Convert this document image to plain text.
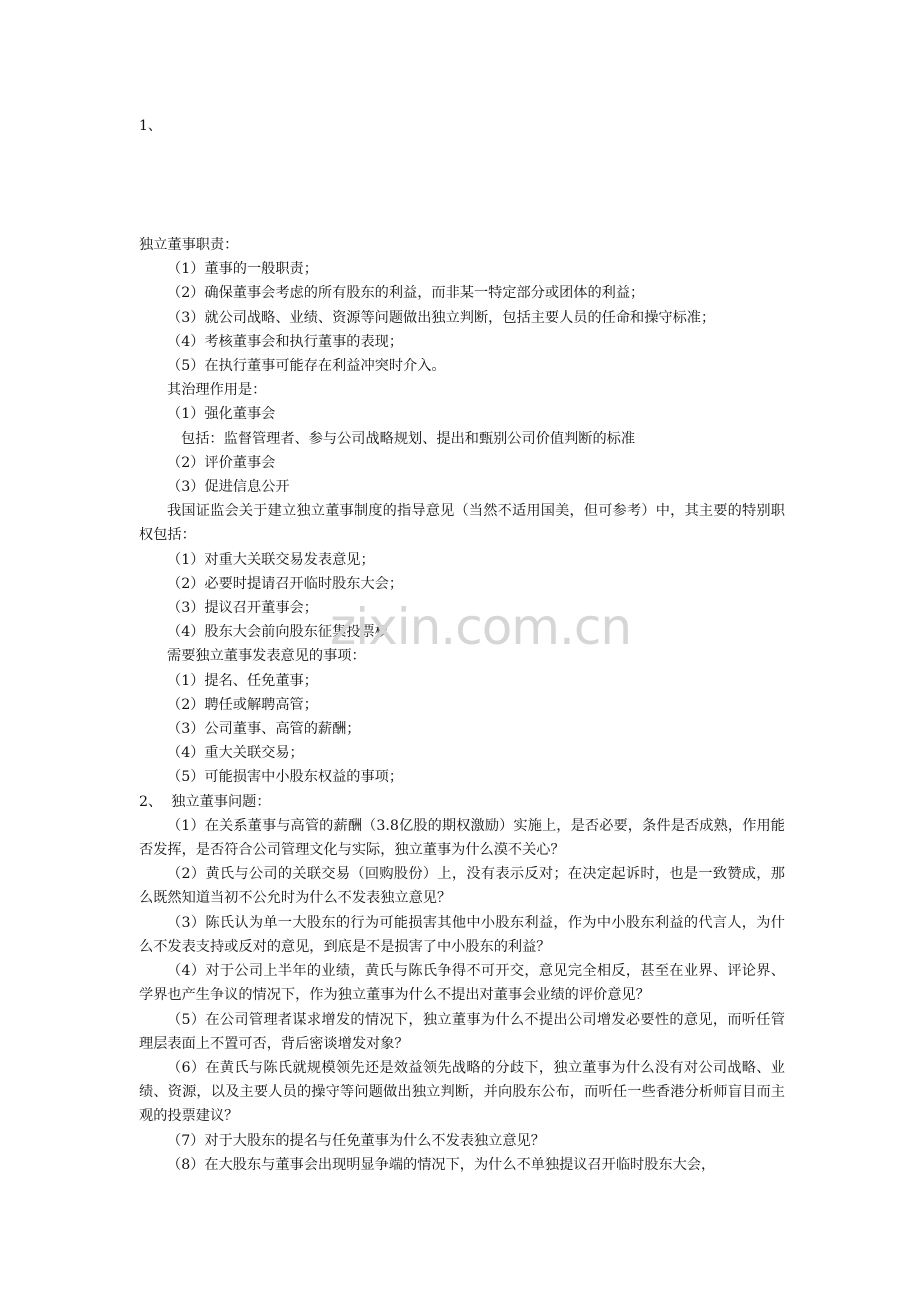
1、

独立董事职责：

（1）董事的一般职责；

（2）确保董事会考虑的所有股东的利益，而非某一特定部分或团体的利益；

（3）就公司战略、业绩、资源等问题做出独立判断，包括主要人员的任命和操守标准；

（4）考核董事会和执行董事的表现；

（5）在执行董事可能存在利益冲突时介入。

其治理作用是：

（1）强化董事会

包括：监督管理者、参与公司战略规划、提出和甄别公司价值判断的标准

（2）评价董事会

（3）促进信息公开

我国证监会关于建立独立董事制度的指导意见（当然不适用国美，但可参考）中，其主要的特别职权包括：

（1）对重大关联交易发表意见；

（2）必要时提请召开临时股东大会；

（3）提议召开董事会；

（4）股东大会前向股东征集投票权

需要独立董事发表意见的事项：

（1）提名、任免董事；

（2）聘任或解聘高管；

（3）公司董事、高管的薪酬；

（4）重大关联交易；

（5）可能损害中小股东权益的事项；

2、  独立董事问题：

（1）在关系董事与高管的薪酬（3.8亿股的期权激励）实施上，是否必要，条件是否成熟，作用能否发挥，是否符合公司管理文化与实际，独立董事为什么漠不关心？

（2）黄氏与公司的关联交易（回购股份）上，没有表示反对；在决定起诉时，也是一致赞成，那么既然知道当初不公允时为什么不发表独立意见？

（3）陈氏认为单一大股东的行为可能损害其他中小股东利益，作为中小股东利益的代言人，为什么不发表支持或反对的意见，到底是不是损害了中小股东的利益？

（4）对于公司上半年的业绩，黄氏与陈氏争得不可开交，意见完全相反，甚至在业界、评论界、学界也产生争议的情况下，作为独立董事为什么不提出对董事会业绩的评价意见？

（5）在公司管理者谋求增发的情况下，独立董事为什么不提出公司增发必要性的意见，而听任管理层表面上不置可否，背后密谈增发对象？

（6）在黄氏与陈氏就规模领先还是效益领先战略的分歧下，独立董事为什么没有对公司战略、业绩、资源，以及主要人员的操守等问题做出独立判断，并向股东公布，而听任一些香港分析师盲目而主观的投票建议？

（7）对于大股东的提名与任免董事为什么不发表独立意见？

（8）在大股东与董事会出现明显争端的情况下，为什么不单独提议召开临时股东大会，

zixin.com.cn
